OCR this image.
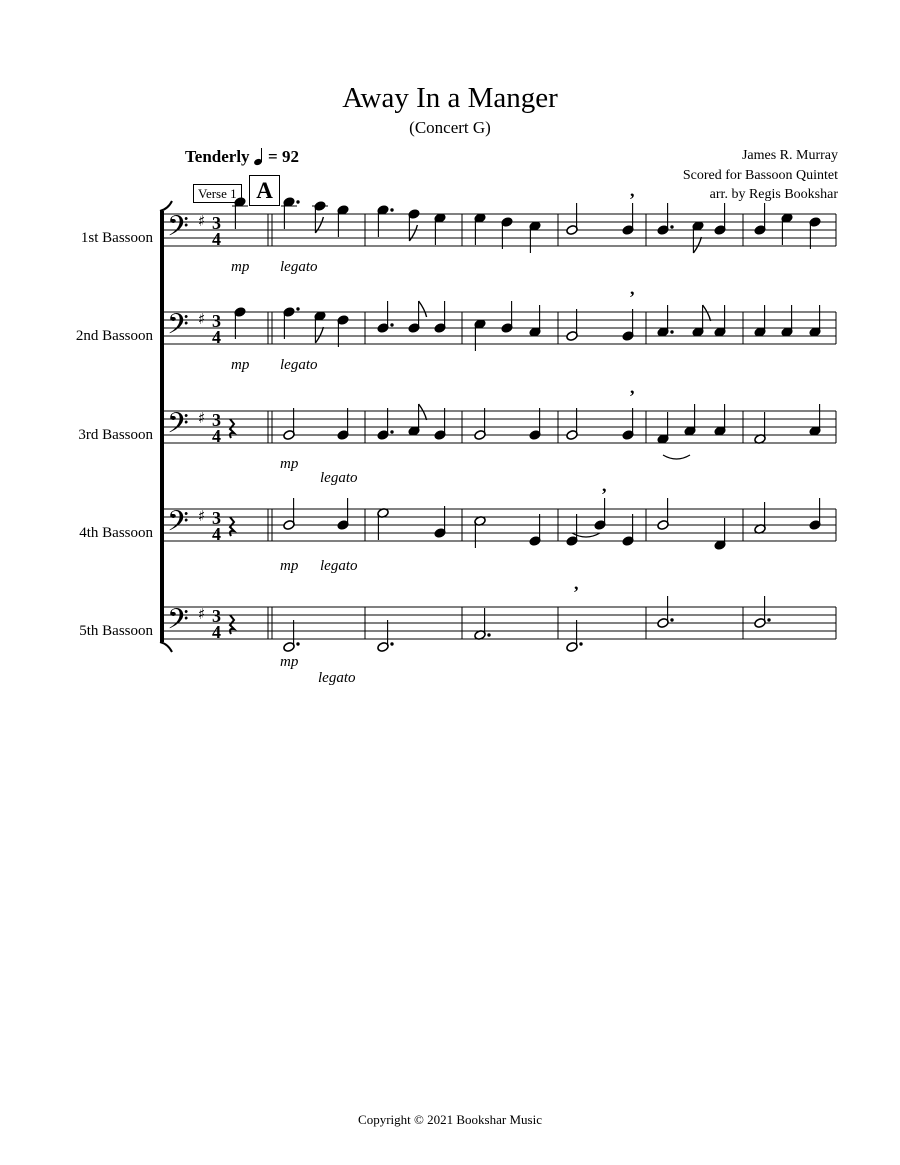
Away In a Manger
(Concert G)
James R. Murray
Scored for Bassoon Quintet
arr. by Regis Bookshar
Tenderly = 92
Verse 1 A
1st Bassoon
2nd Bassoon
3rd Bassoon
4th Bassoon
5th Bassoon
mp legato
mp legato
mp
legato
mp legato
mp
legato
𝄢 ♯ 3
4
𝄢 ♯ 3
4
𝄢 ♯ 3
4
𝄢 ♯ 3
4
𝄢 ♯ 3
4
,
,
,
,
,
Copyright © 2021 Bookshar Music
